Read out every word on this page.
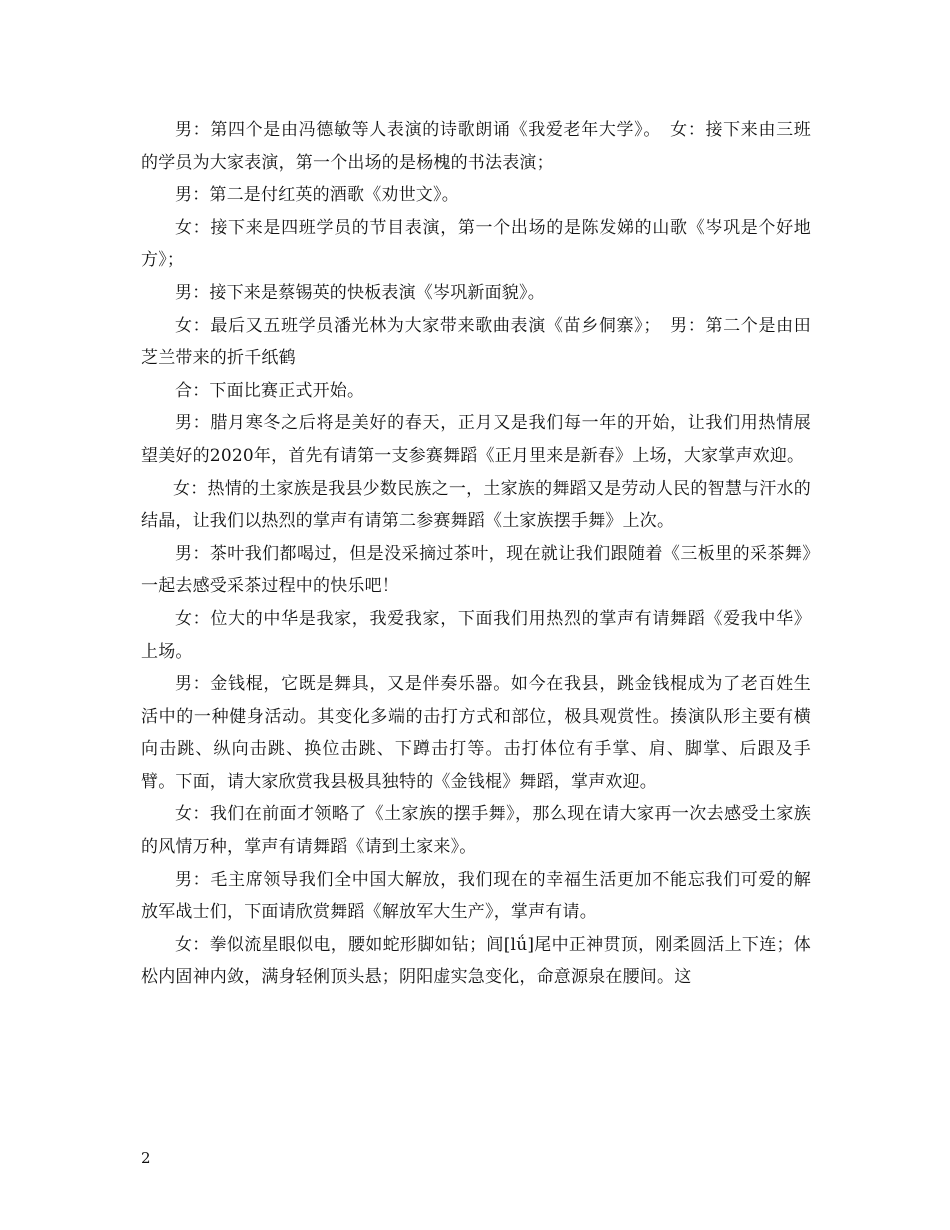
男：第四个是由冯德敏等人表演的诗歌朗诵《我爱老年大学》。　女：接下来由三班的学员为大家表演，第一个出场的是杨槐的书法表演；

男：第二是付红英的酒歌《劝世文》。

女：接下来是四班学员的节目表演，第一个出场的是陈发娣的山歌《岑巩是个好地方》；

男：接下来是蔡锡英的快板表演《岑巩新面貌》。

女：最后又五班学员潘光林为大家带来歌曲表演《苗乡侗寨》；　男：第二个是由田芝兰带来的折千纸鹤

合：下面比赛正式开始。

男：腊月寒冬之后将是美好的春天，正月又是我们每一年的开始，让我们用热情展望美好的2020年，首先有请第一支参赛舞蹈《正月里来是新春》上场，大家掌声欢迎。

女：热情的土家族是我县少数民族之一，土家族的舞蹈又是劳动人民的智慧与汗水的结晶，让我们以热烈的掌声有请第二参赛舞蹈《土家族摆手舞》上次。

男：茶叶我们都喝过，但是没采摘过茶叶，现在就让我们跟随着《三板里的采茶舞》一起去感受采茶过程中的快乐吧！

女：位大的中华是我家，我爱我家，下面我们用热烈的掌声有请舞蹈《爱我中华》上场。

男：金钱棍，它既是舞具，又是伴奏乐器。如今在我县，跳金钱棍成为了老百姓生活中的一种健身活动。其变化多端的击打方式和部位，极具观赏性。揍演队形主要有横向击跳、纵向击跳、换位击跳、下蹲击打等。击打体位有手掌、肩、脚掌、后跟及手臂。下面，请大家欣赏我县极具独特的《金钱棍》舞蹈，掌声欢迎。

女：我们在前面才领略了《土家族的摆手舞》，那么现在请大家再一次去感受土家族的风情万种，掌声有请舞蹈《请到土家来》。

男：毛主席领导我们全中国大解放，我们现在的幸福生活更加不能忘我们可爱的解放军战士们，下面请欣赏舞蹈《解放军大生产》，掌声有请。

女：拳似流星眼似电，腰如蛇形脚如钻；闾[lǘ]尾中正神贯顶，刚柔圆活上下连；体松内固神内敛，满身轻俐顶头悬；阴阳虚实急变化，命意源泉在腰间。这

2
